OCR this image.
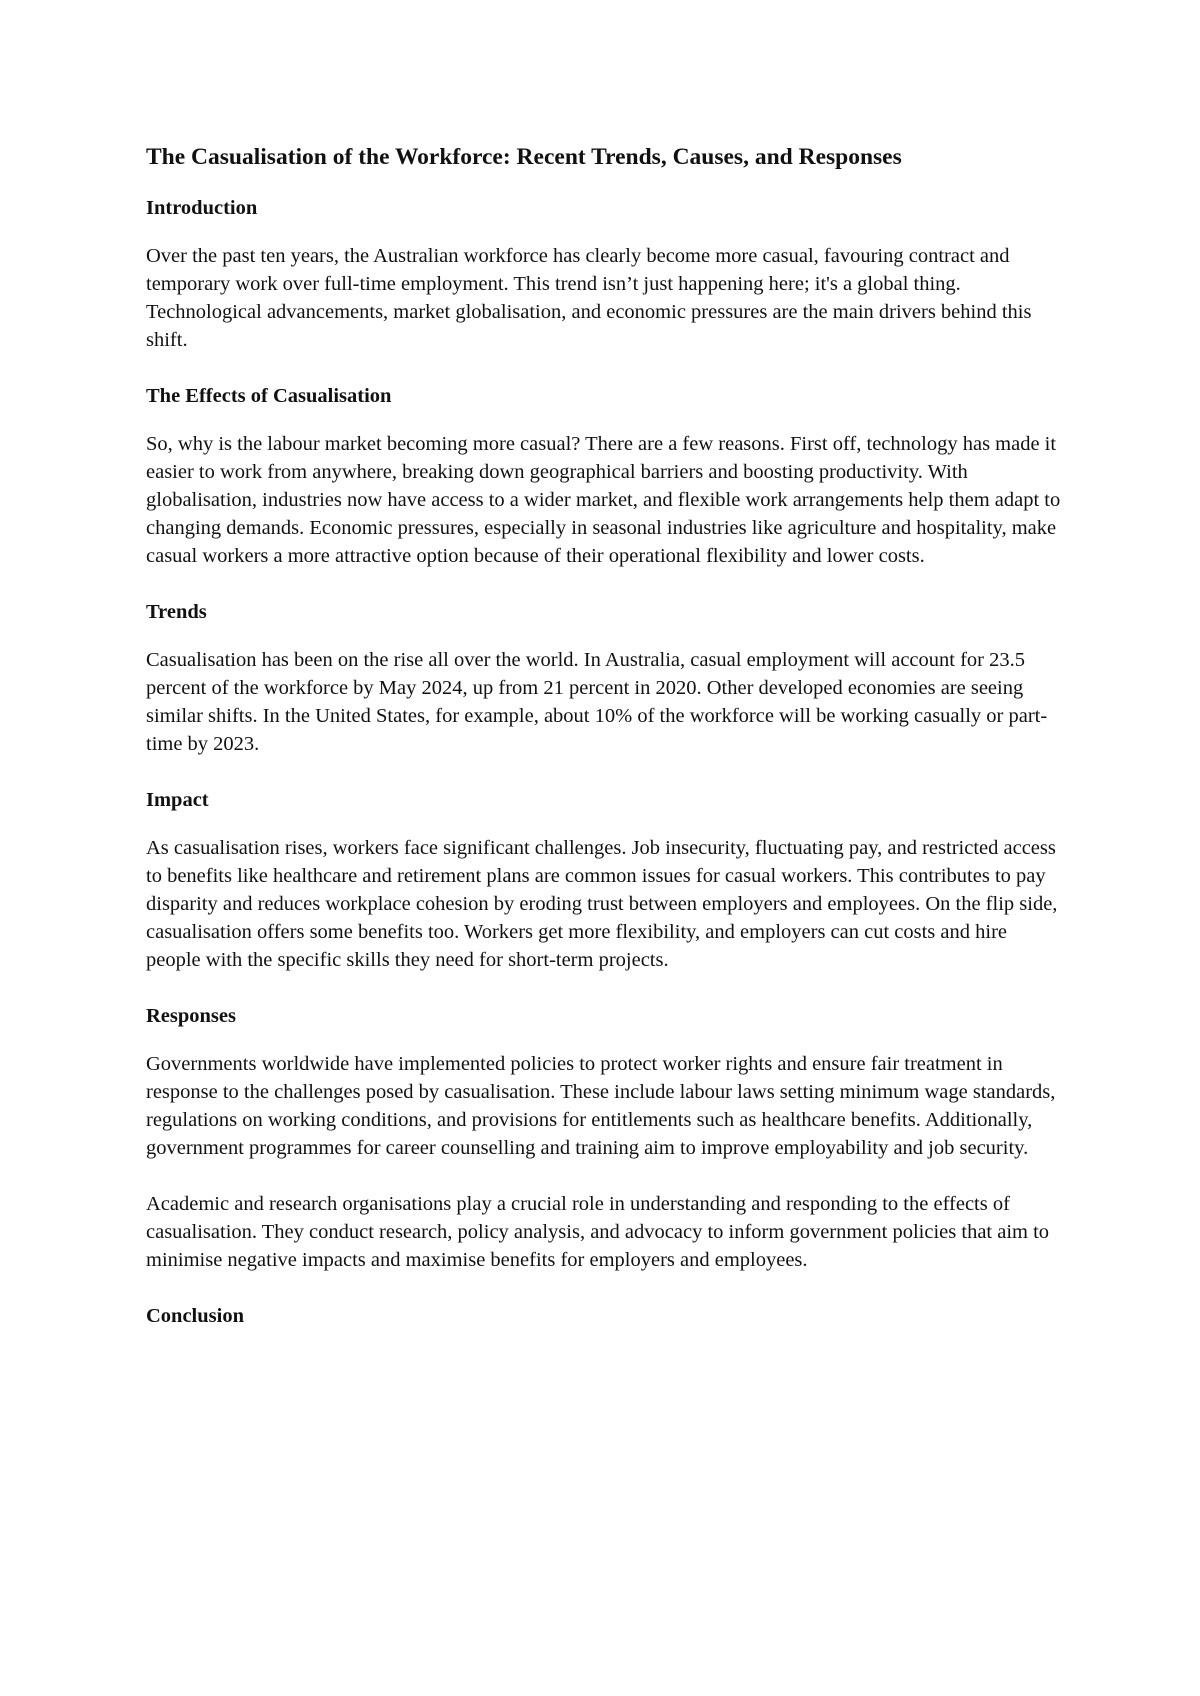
The Casualisation of the Workforce: Recent Trends, Causes, and Responses
Introduction

Over the past ten years, the Australian workforce has clearly become more casual, favouring contract and temporary work over full-time employment. This trend isn’t just happening here; it's a global thing. Technological advancements, market globalisation, and economic pressures are the main drivers behind this shift.

The Effects of Casualisation

So, why is the labour market becoming more casual? There are a few reasons. First off, technology has made it easier to work from anywhere, breaking down geographical barriers and boosting productivity. With globalisation, industries now have access to a wider market, and flexible work arrangements help them adapt to changing demands. Economic pressures, especially in seasonal industries like agriculture and hospitality, make casual workers a more attractive option because of their operational flexibility and lower costs.

Trends

Casualisation has been on the rise all over the world. In Australia, casual employment will account for 23.5 percent of the workforce by May 2024, up from 21 percent in 2020. Other developed economies are seeing similar shifts. In the United States, for example, about 10% of the workforce will be working casually or part-time by 2023.

Impact

As casualisation rises, workers face significant challenges. Job insecurity, fluctuating pay, and restricted access to benefits like healthcare and retirement plans are common issues for casual workers. This contributes to pay disparity and reduces workplace cohesion by eroding trust between employers and employees. On the flip side, casualisation offers some benefits too. Workers get more flexibility, and employers can cut costs and hire people with the specific skills they need for short-term projects.

Responses

Governments worldwide have implemented policies to protect worker rights and ensure fair treatment in response to the challenges posed by casualisation. These include labour laws setting minimum wage standards, regulations on working conditions, and provisions for entitlements such as healthcare benefits. Additionally, government programmes for career counselling and training aim to improve employability and job security.

Academic and research organisations play a crucial role in understanding and responding to the effects of casualisation. They conduct research, policy analysis, and advocacy to inform government policies that aim to minimise negative impacts and maximise benefits for employers and employees.

Conclusion
